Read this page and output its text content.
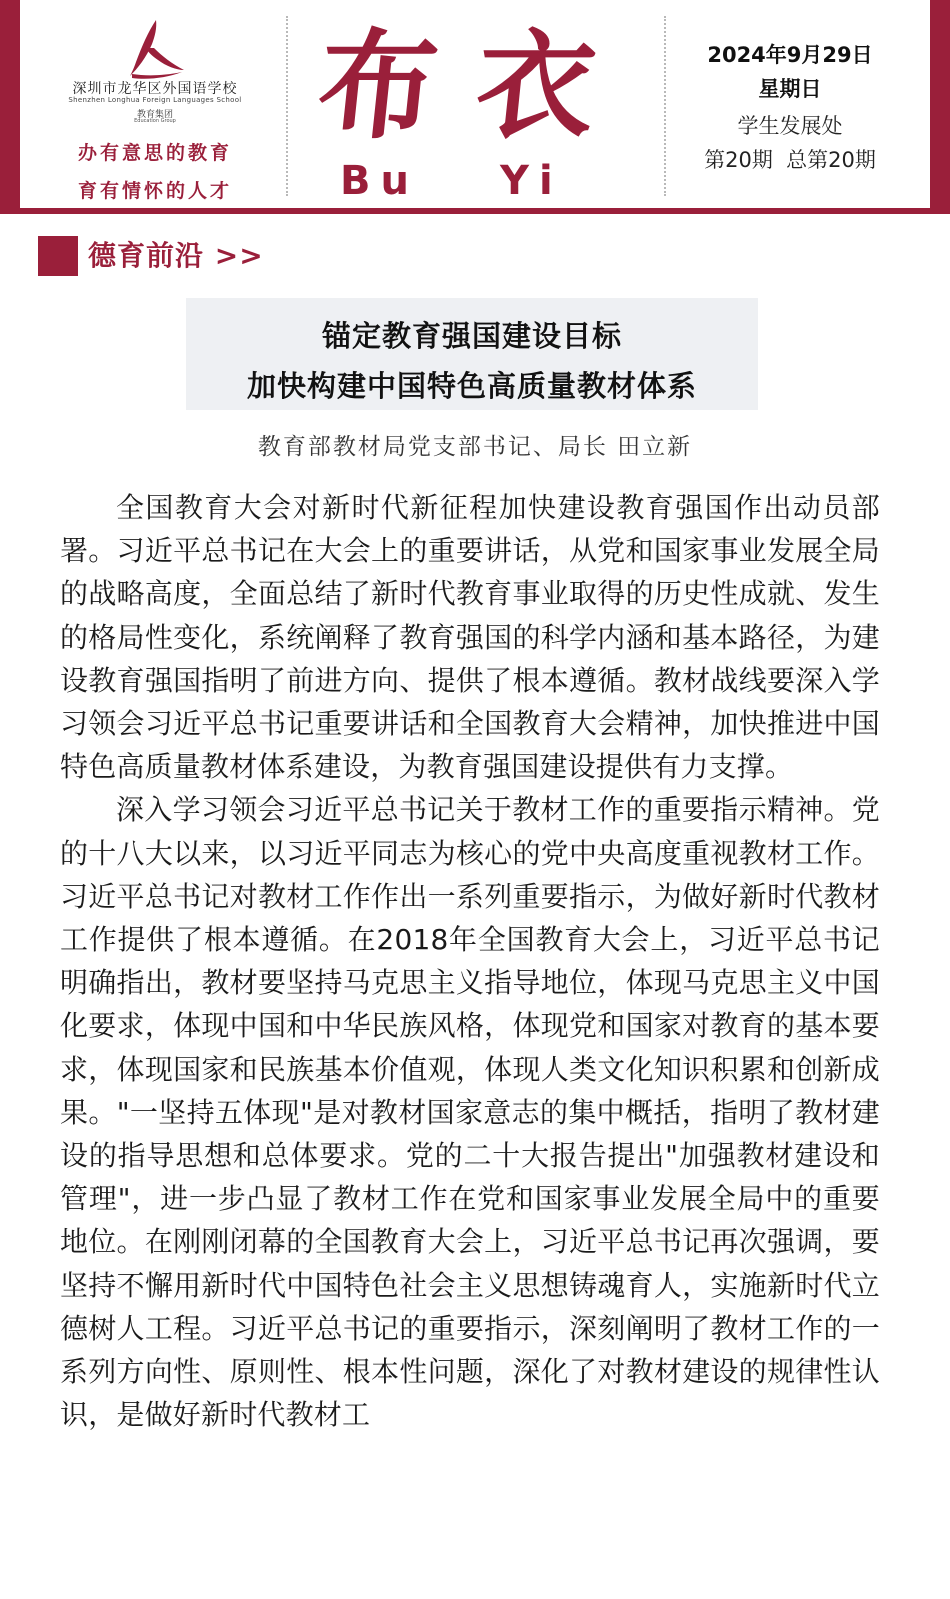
深圳市龙华区外国语学校
Shenzhen Longhua Foreign Languages School
教育集团
Education Group
办有意思的教育
育有情怀的人才
布衣
Bu Yi
2024年9月29日
星期日
学生发展处
第20期  总第20期
德育前沿 >>
锚定教育强国建设目标
加快构建中国特色高质量教材体系
教育部教材局党支部书记、局长 田立新

全国教育大会对新时代新征程加快建设教育强国作出动员部署。习近平总书记在大会上的重要讲话，从党和国家事业发展全局的战略高度，全面总结了新时代教育事业取得的历史性成就、发生的格局性变化，系统阐释了教育强国的科学内涵和基本路径，为建设教育强国指明了前进方向、提供了根本遵循。教材战线要深入学习领会习近平总书记重要讲话和全国教育大会精神，加快推进中国特色高质量教材体系建设，为教育强国建设提供有力支撑。

深入学习领会习近平总书记关于教材工作的重要指示精神。党的十八大以来，以习近平同志为核心的党中央高度重视教材工作。习近平总书记对教材工作作出一系列重要指示，为做好新时代教材工作提供了根本遵循。在2018年全国教育大会上，习近平总书记明确指出，教材要坚持马克思主义指导地位，体现马克思主义中国化要求，体现中国和中华民族风格，体现党和国家对教育的基本要求，体现国家和民族基本价值观，体现人类文化知识积累和创新成果。"一坚持五体现"是对教材国家意志的集中概括，指明了教材建设的指导思想和总体要求。党的二十大报告提出"加强教材建设和管理"，进一步凸显了教材工作在党和国家事业发展全局中的重要地位。在刚刚闭幕的全国教育大会上，习近平总书记再次强调，要坚持不懈用新时代中国特色社会主义思想铸魂育人，实施新时代立德树人工程。习近平总书记的重要指示，深刻阐明了教材工作的一系列方向性、原则性、根本性问题，深化了对教材建设的规律性认识，是做好新时代教材工
